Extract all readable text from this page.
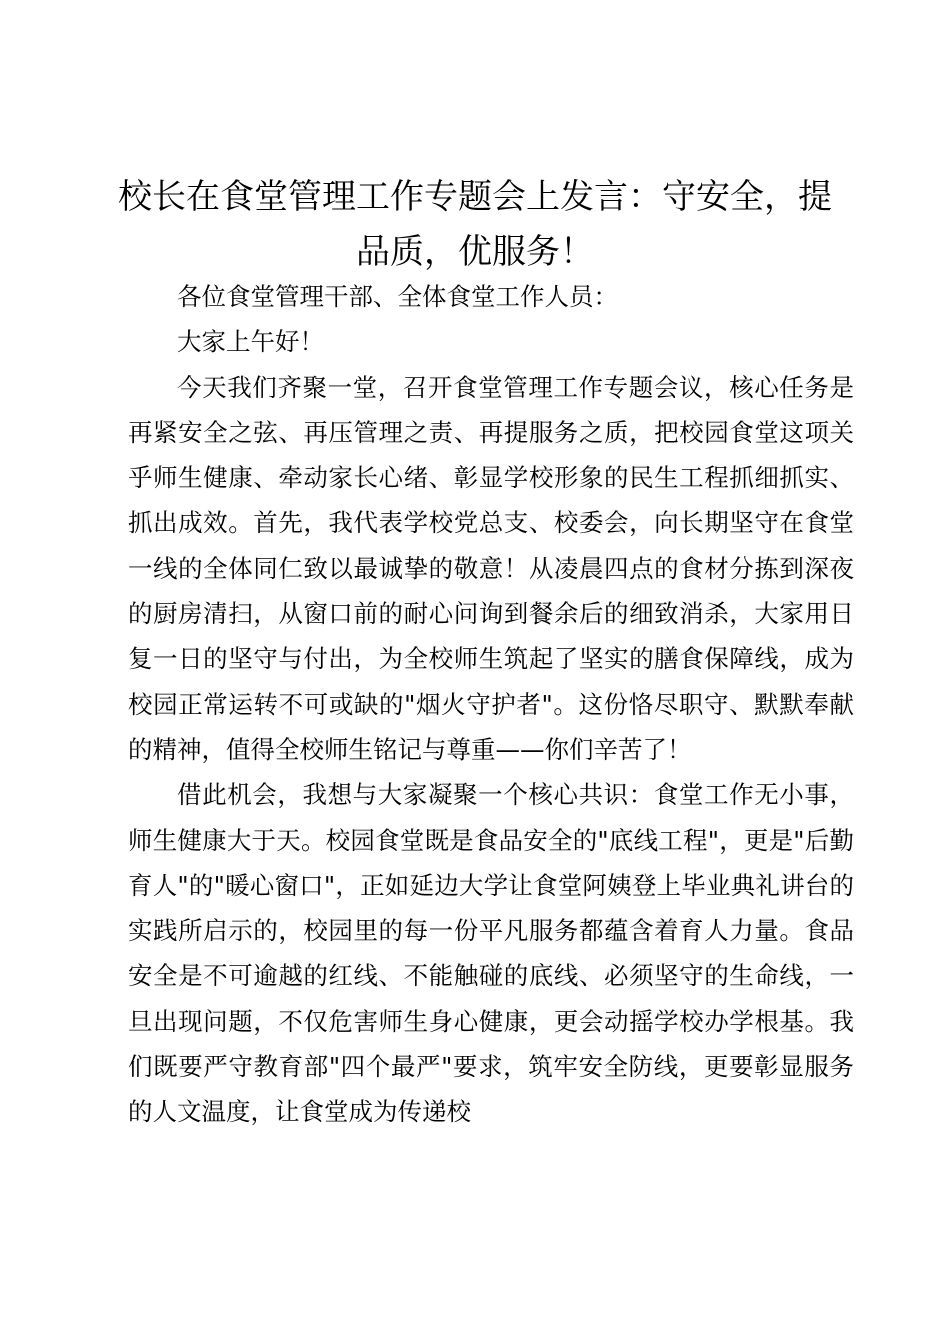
校长在食堂管理工作专题会上发言：守安全，提品质，优服务！

各位食堂管理干部、全体食堂工作人员：

大家上午好！

今天我们齐聚一堂，召开食堂管理工作专题会议，核心任务是再紧安全之弦、再压管理之责、再提服务之质，把校园食堂这项关乎师生健康、牵动家长心绪、彰显学校形象的民生工程抓细抓实、抓出成效。首先，我代表学校党总支、校委会，向长期坚守在食堂一线的全体同仁致以最诚挚的敬意！从凌晨四点的食材分拣到深夜的厨房清扫，从窗口前的耐心问询到餐余后的细致消杀，大家用日复一日的坚守与付出，为全校师生筑起了坚实的膳食保障线，成为校园正常运转不可或缺的"烟火守护者"。这份恪尽职守、默默奉献的精神，值得全校师生铭记与尊重——你们辛苦了！

借此机会，我想与大家凝聚一个核心共识：食堂工作无小事，师生健康大于天。校园食堂既是食品安全的"底线工程"，更是"后勤育人"的"暖心窗口"，正如延边大学让食堂阿姨登上毕业典礼讲台的实践所启示的，校园里的每一份平凡服务都蕴含着育人力量。食品安全是不可逾越的红线、不能触碰的底线、必须坚守的生命线，一旦出现问题，不仅危害师生身心健康，更会动摇学校办学根基。我们既要严守教育部"四个最严"要求，筑牢安全防线，更要彰显服务的人文温度，让食堂成为传递校
